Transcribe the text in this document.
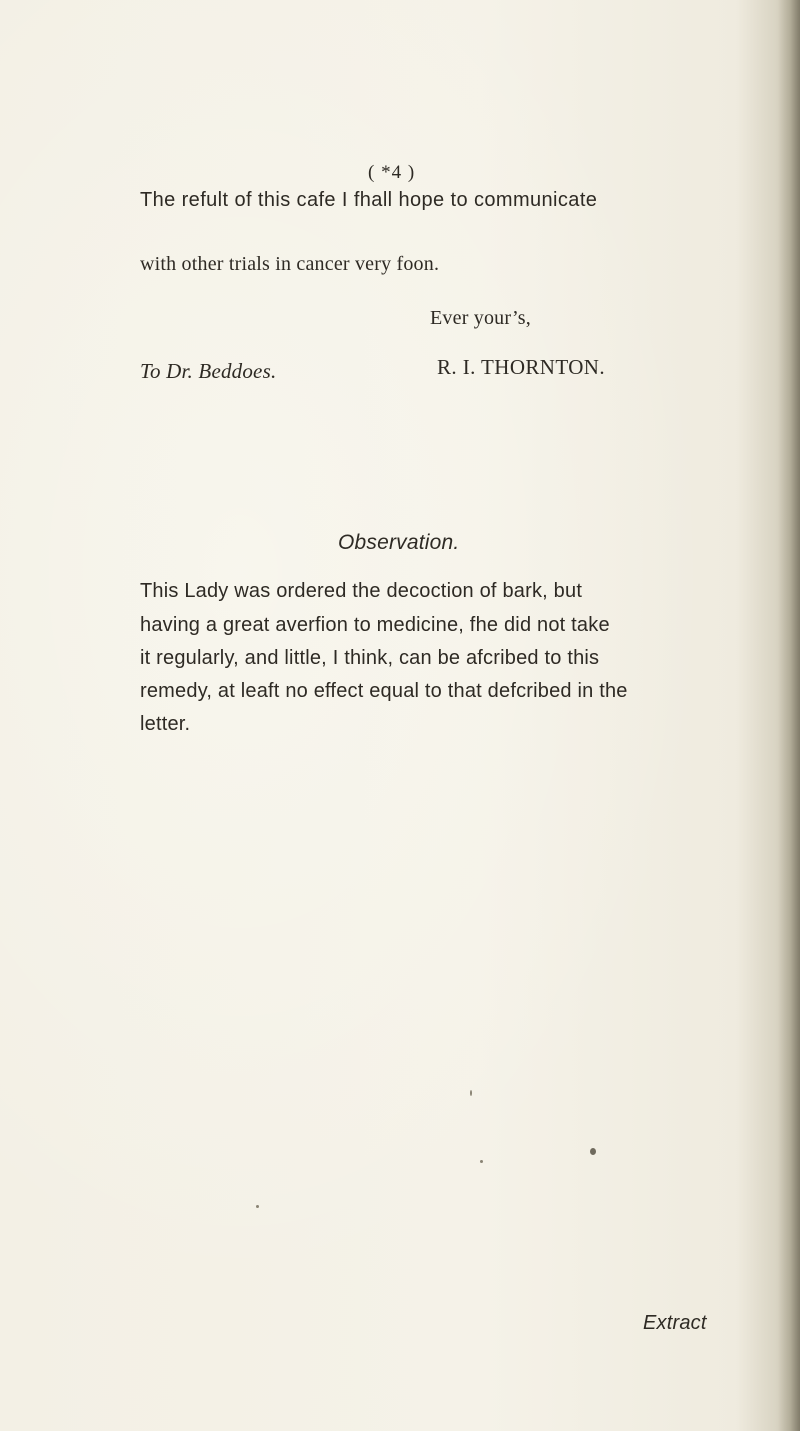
( *4 )
The refult of this cafe I fhall hope to communicate
with other trials in cancer very foon.
Ever your’s,
R. I. THORNTON.
To Dr. Beddoes.
Observation.
This Lady was ordered the decoction of bark, but
having a great averfion to medicine, fhe did not take
it regularly, and little, I think, can be afcribed to this
remedy, at leaft no effect equal to that defcribed in the
letter.
Extract
